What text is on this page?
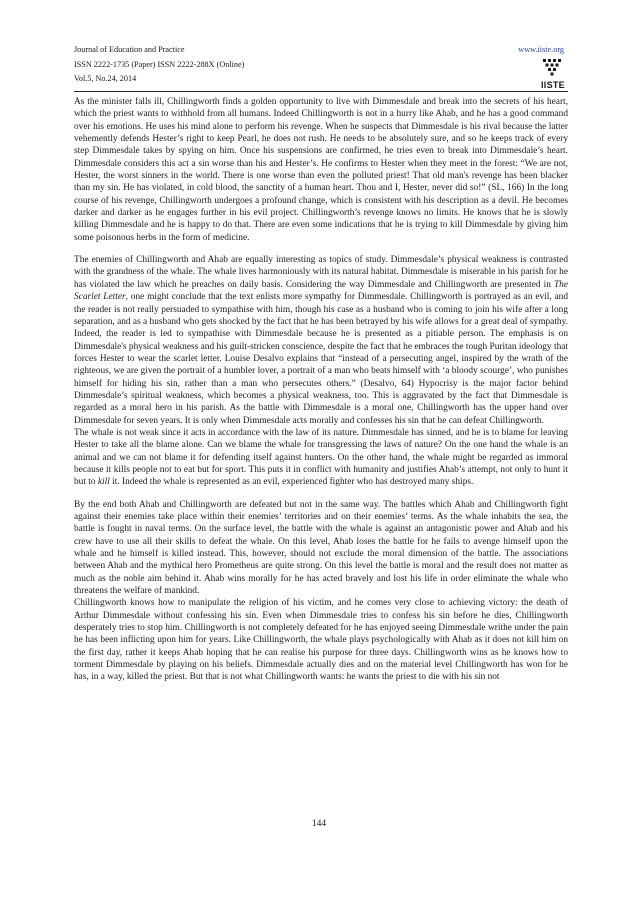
Journal of Education and Practice
ISSN 2222-1735 (Paper) ISSN 2222-288X (Online)
Vol.5, No.24, 2014
www.iiste.org
IISTE

As the minister falls ill, Chillingworth finds a golden opportunity to live with Dimmesdale and break into the secrets of his heart, which the priest wants to withhold from all humans. Indeed Chillingworth is not in a hurry like Ahab, and he has a good command over his emotions. He uses his mind alone to perform his revenge. When he suspects that Dimmesdale is his rival because the latter vehemently defends Hester’s right to keep Pearl, he does not rush. He needs to be absolutely sure, and so he keeps track of every step Dimmesdale takes by spying on him. Once his suspensions are confirmed, he tries even to break into Dimmesdale’s heart. Dimmesdale considers this act a sin worse than his and Hester’s. He confirms to Hester when they meet in the forest: “We are not, Hester, the worst sinners in the world. There is one worse than even the polluted priest! That old man's revenge has been blacker than my sin. He has violated, in cold blood, the sanctity of a human heart. Thou and I, Hester, never did so!” (SL, 166) In the long course of his revenge, Chillingworth undergoes a profound change, which is consistent with his description as a devil. He becomes darker and darker as he engages further in his evil project. Chillingworth’s revenge knows no limits. He knows that he is slowly killing Dimmesdale and he is happy to do that. There are even some indications that he is trying to kill Dimmesdale by giving him some poisonous herbs in the form of medicine.

The enemies of Chillingworth and Ahab are equally interesting as topics of study. Dimmesdale’s physical weakness is contrasted with the grandness of the whale. The whale lives harmoniously with its natural habitat. Dimmesdale is miserable in his parish for he has violated the law which he preaches on daily basis. Considering the way Dimmesdale and Chillingworth are presented in The Scarlet Letter, one might conclude that the text enlists more sympathy for Dimmesdale. Chillingworth is portrayed as an evil, and the reader is not really persuaded to sympathise with him, though his case as a husband who is coming to join his wife after a long separation, and as a husband who gets shocked by the fact that he has been betrayed by his wife allows for a great deal of sympathy. Indeed, the reader is led to sympathise with Dimmesdale because he is presented as a pitiable person. The emphasis is on Dimmesdale's physical weakness and his guilt-stricken conscience, despite the fact that he embraces the tough Puritan ideology that forces Hester to wear the scarlet letter. Louise Desalvo explains that “instead of a persecuting angel, inspired by the wrath of the righteous, we are given the portrait of a humbler lover, a portrait of a man who beats himself with ‘a bloody scourge’, who punishes himself for hiding his sin, rather than a man who persecutes others.” (Desalvo, 64) Hypocrisy is the major factor behind Dimmesdale’s spiritual weakness, which becomes a physical weakness, too. This is aggravated by the fact that Dimmesdale is regarded as a moral hero in his parish. As the battle with Dimmesdale is a moral one, Chillingworth has the upper hand over Dimmesdale for seven years. It is only when Dimmesdale acts morally and confesses his sin that he can defeat Chillingworth.

The whale is not weak since it acts in accordance with the law of its nature. Dimmesdale has sinned, and he is to blame for leaving Hester to take all the blame alone. Can we blame the whale for transgressing the laws of nature? On the one hand the whale is an animal and we can not blame it for defending itself against hunters. On the other hand, the whale might be regarded as immoral because it kills people not to eat but for sport. This puts it in conflict with humanity and justifies Ahab’s attempt, not only to hunt it but to kill it. Indeed the whale is represented as an evil, experienced fighter who has destroyed many ships.

By the end both Ahab and Chillingworth are defeated but not in the same way. The battles which Ahab and Chillingworth fight against their enemies take place within their enemies’ territories and on their enemies’ terms. As the whale inhabits the sea, the battle is fought in naval terms. On the surface level, the battle with the whale is against an antagonistic power and Ahab and his crew have to use all their skills to defeat the whale. On this level, Ahab loses the battle for he fails to avenge himself upon the whale and he himself is killed instead. This, however, should not exclude the moral dimension of the battle. The associations between Ahab and the mythical hero Prometheus are quite strong. On this level the battle is moral and the result does not matter as much as the noble aim behind it. Ahab wins morally for he has acted bravely and lost his life in order eliminate the whale who threatens the welfare of mankind.

Chillingworth knows how to manipulate the religion of his victim, and he comes very close to achieving victory: the death of Arthur Dimmesdale without confessing his sin. Even when Dimmesdale tries to confess his sin before he dies, Chillingworth desperately tries to stop him. Chillingworth is not completely defeated for he has enjoyed seeing Dimmesdale writhe under the pain he has been inflicting upon him for years. Like Chillingworth, the whale plays psychologically with Ahab as it does not kill him on the first day, rather it keeps Ahab hoping that he can realise his purpose for three days. Chillingworth wins as he knows how to torment Dimmesdale by playing on his beliefs. Dimmesdale actually dies and on the material level Chillingworth has won for he has, in a way, killed the priest. But that is not what Chillingworth wants: he wants the priest to die with his sin not

144
